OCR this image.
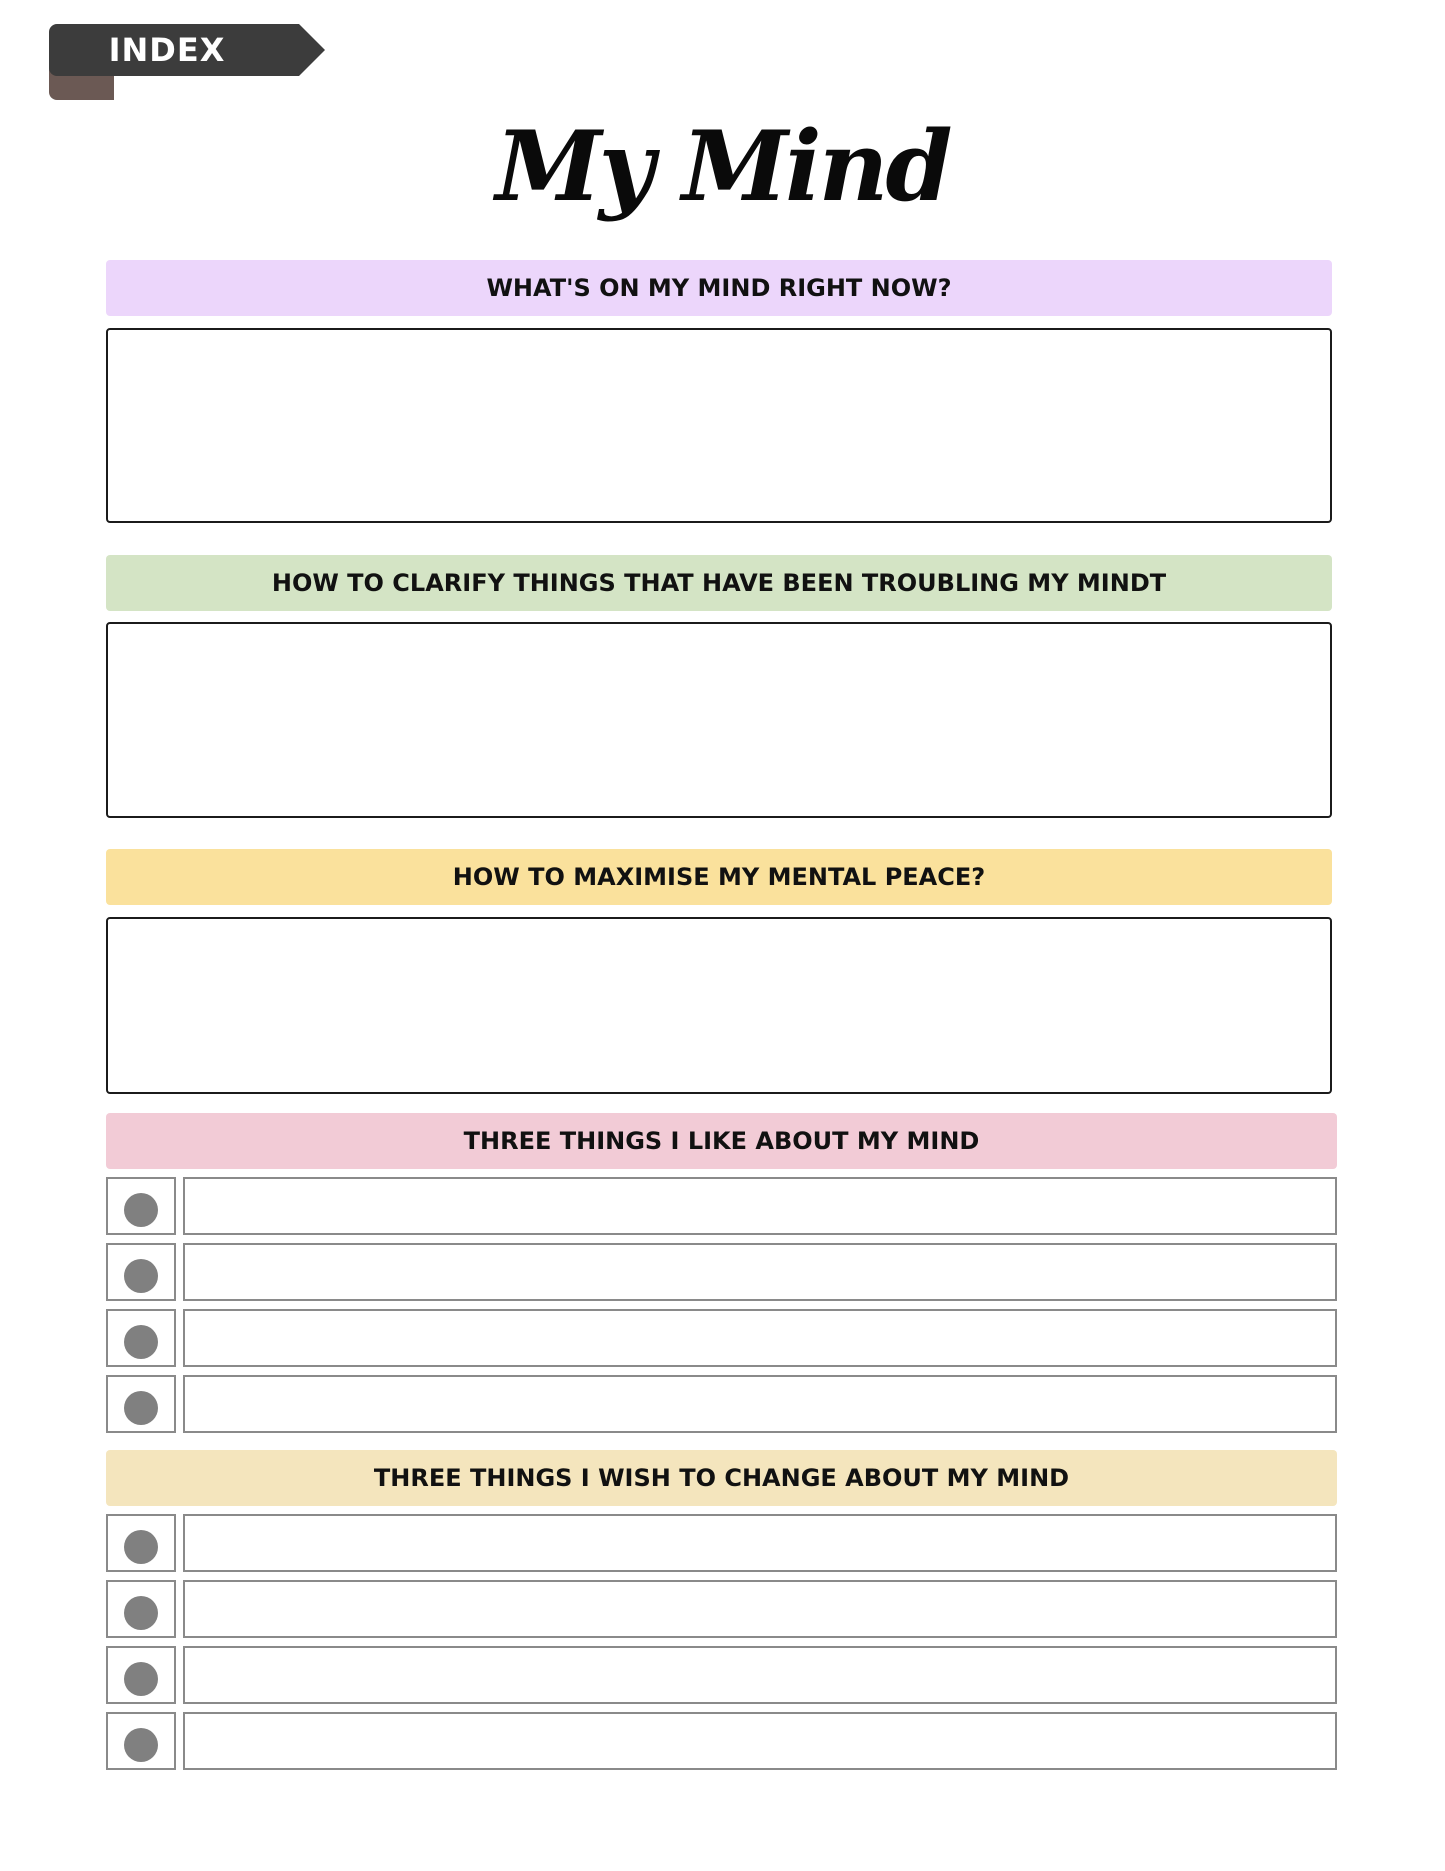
INDEX
My Mind
WHAT'S ON MY MIND RIGHT NOW?
HOW TO CLARIFY THINGS THAT HAVE BEEN TROUBLING MY MINDT
HOW TO MAXIMISE MY MENTAL PEACE?
THREE THINGS I LIKE ABOUT MY MIND
THREE THINGS I WISH TO CHANGE ABOUT MY MIND
